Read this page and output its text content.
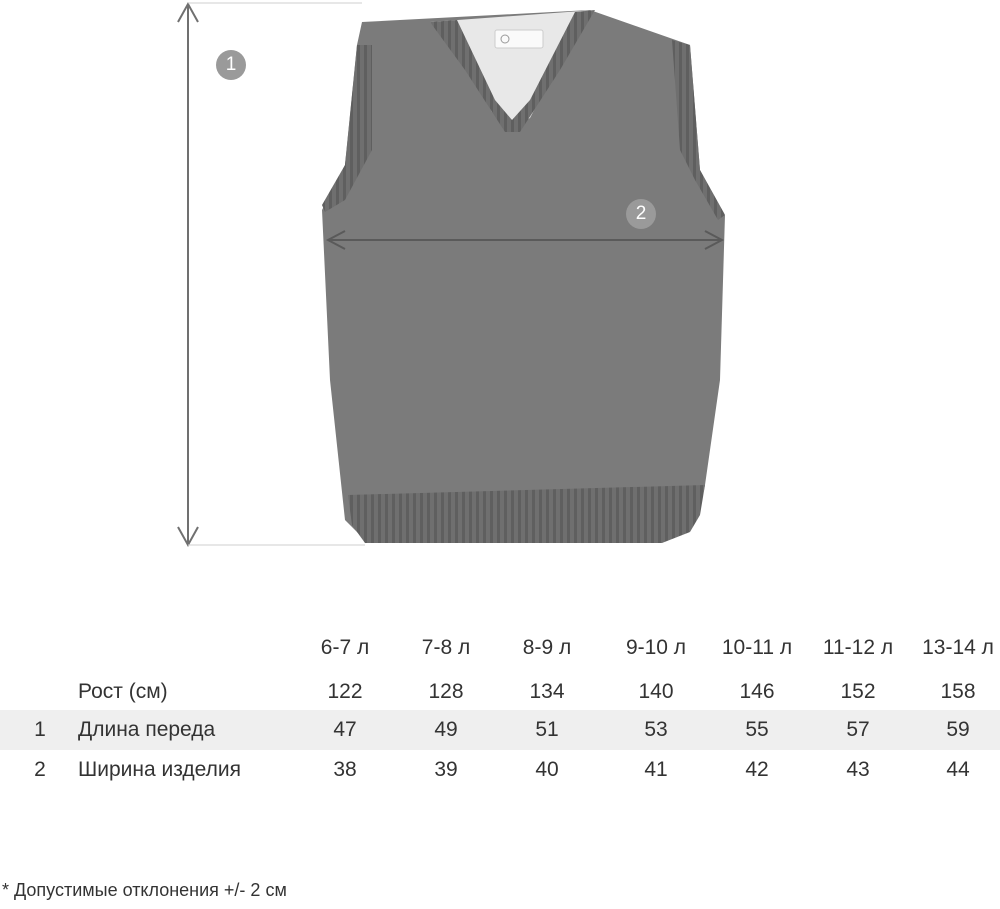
1
2
6-7 л	7-8 л	8-9 л	9-10 л	10-11 л	11-12 л	13-14 л
Рост (см)	122	128	134	140	146	152	158
1 Длина переда	47	49	51	53	55	57	59
2 Ширина изделия	38	39	40	41	42	43	44
* Допустимые отклонения +/- 2 см
